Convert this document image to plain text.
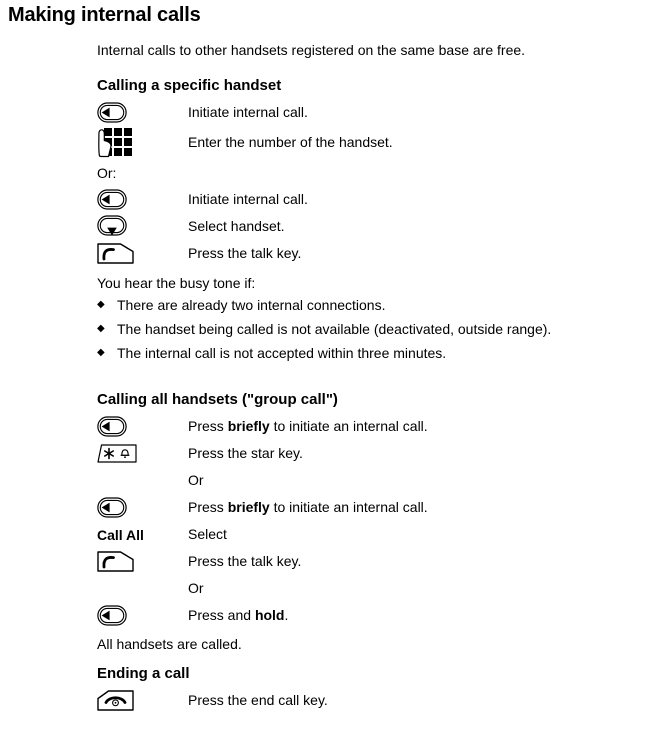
Making internal calls

Internal calls to other handsets registered on the same base are free.

Calling a specific handset
Initiate internal call.
Enter the number of the handset.
Or:
Initiate internal call.
Select handset.
Press the talk key.

You hear the busy tone if:

◆ There are already two internal connections.
◆ The handset being called is not available (deactivated, outside range).
◆ The internal call is not accepted within three minutes.
Calling all handsets ("group call")
Press briefly to initiate an internal call.
Press the star key.
Or
Press briefly to initiate an internal call.
Call All	Select
Press the talk key.
Or
Press and hold.

All handsets are called.

Ending a call
Press the end call key.
